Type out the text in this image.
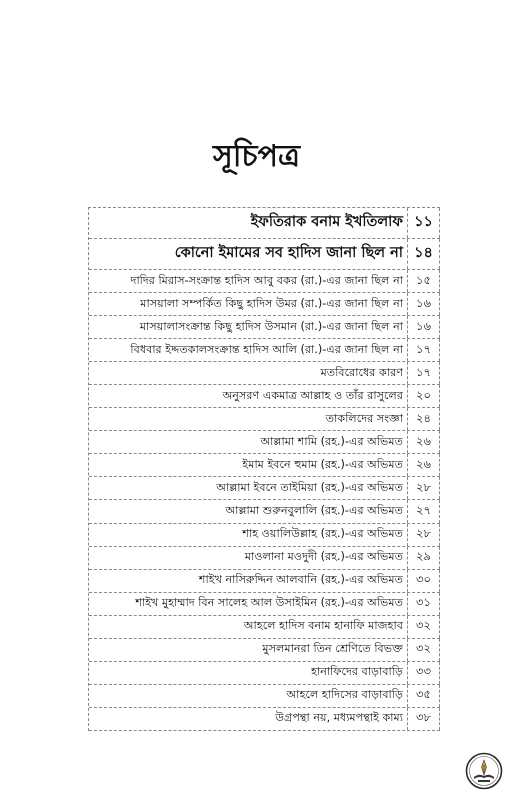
সূচিপত্র
ইফতিরাক বনাম ইখতিলাফ ১১
কোনো ইমামের সব হাদিস জানা ছিল না ১৪
দাদির মিরাস-সংক্রান্ত হাদিস আবু বকর (রা.)-এর জানা ছিল না	১৫
মাসয়ালা সম্পর্কিত কিছু হাদিস উমর (রা.)-এর জানা ছিল না	১৬
মাসয়ালাসংক্রান্ত কিছু হাদিস উসমান (রা.)-এর জানা ছিল না	১৬
বিধবার ইদ্দতকালসংক্রান্ত হাদিস আলি (রা.)-এর জানা ছিল না	১৭
মতবিরোধের কারণ	১৭
অনুসরণ একমাত্র আল্লাহ ও তাঁর রাসুলের	২০
তাকলিদের সংজ্ঞা	২৪
আল্লামা শামি (রহ.)-এর অভিমত	২৬
ইমাম ইবনে হুমাম (রহ.)-এর অভিমত	২৬
আল্লামা ইবনে তাইমিয়া (রহ.)-এর অভিমত	২৮
আল্লামা শুরুনবুলালি (রহ.)-এর অভিমত	২৭
শাহ ওয়ালিউল্লাহ (রহ.)-এর অভিমত	২৮
মাওলানা মওদুদী (রহ.)-এর অভিমত	২৯
শাইখ নাসিরুদ্দিন আলবানি (রহ.)-এর অভিমত	৩০
শাইখ মুহাম্মাদ বিন সালেহ আল উসাইমিন (রহ.)-এর অভিমত	৩১
আহলে হাদিস বনাম হানাফি মাজহাব	৩২
মুসলমানরা তিন শ্রেণিতে বিভক্ত	৩২
হানাফিদের বাড়াবাড়ি	৩৩
আহলে হাদিসের বাড়াবাড়ি	৩৫
উগ্রপন্থা নয়, মধ্যমপন্থাই কাম্য	৩৮
